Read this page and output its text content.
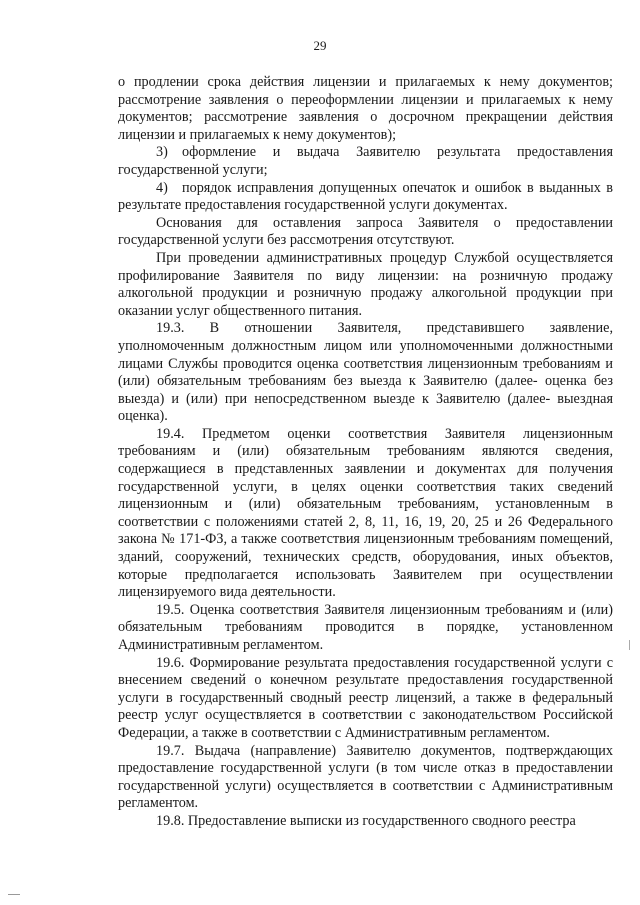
29

о продлении срока действия лицензии и прилагаемых к нему документов; рассмотрение заявления о переоформлении лицензии и прилагаемых к нему документов; рассмотрение заявления о досрочном прекращении действия лицензии и прилагаемых к нему документов);

3) оформление и выдача Заявителю результата предоставления государственной услуги;

4) порядок исправления допущенных опечаток и ошибок в выданных в результате предоставления государственной услуги документах.

Основания для оставления запроса Заявителя о предоставлении государственной услуги без рассмотрения отсутствуют.

При проведении административных процедур Службой осуществляется профилирование Заявителя по виду лицензии: на розничную продажу алкогольной продукции и розничную продажу алкогольной продукции при оказании услуг общественного питания.

19.3. В отношении Заявителя, представившего заявление, уполномоченным должностным лицом или уполномоченными должностными лицами Службы проводится оценка соответствия лицензионным требованиям и (или) обязательным требованиям без выезда к Заявителю (далее- оценка без выезда) и (или) при непосредственном выезде к Заявителю (далее- выездная оценка).

19.4. Предметом оценки соответствия Заявителя лицензионным требованиям и (или) обязательным требованиям являются сведения, содержащиеся в представленных заявлении и документах для получения государственной услуги, в целях оценки соответствия таких сведений лицензионным и (или) обязательным требованиям, установленным в соответствии с положениями статей 2, 8, 11, 16, 19, 20, 25 и 26 Федерального закона № 171-ФЗ, а также соответствия лицензионным требованиям помещений, зданий, сооружений, технических средств, оборудования, иных объектов, которые предполагается использовать Заявителем при осуществлении лицензируемого вида деятельности.

19.5. Оценка соответствия Заявителя лицензионным требованиям и (или) обязательным требованиям проводится в порядке, установленном Административным регламентом.

19.6. Формирование результата предоставления государственной услуги с внесением сведений о конечном результате предоставления государственной услуги в государственный сводный реестр лицензий, а также в федеральный реестр услуг осуществляется в соответствии с законодательством Российской Федерации, а также в соответствии с Административным регламентом.

19.7. Выдача (направление) Заявителю документов, подтверждающих предоставление государственной услуги (в том числе отказ в предоставлении государственной услуги) осуществляется в соответствии с Административным регламентом.

19.8. Предоставление выписки из государственного сводного реестра
